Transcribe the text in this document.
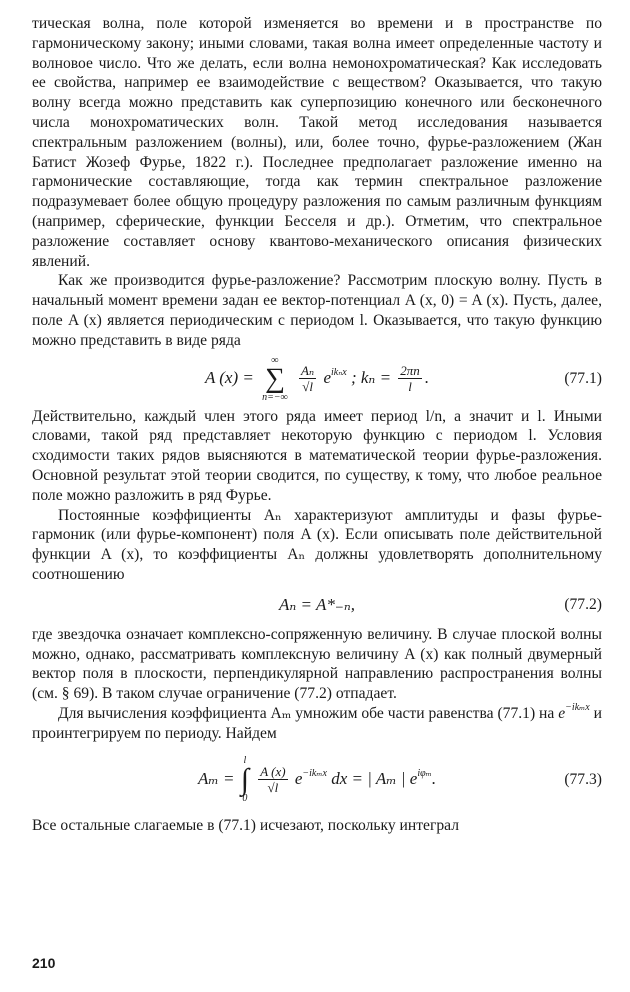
тическая волна, поле которой изменяется во времени и в пространстве по гармоническому закону; иными словами, такая волна имеет определенные частоту и волновое число. Что же делать, если волна немонохроматическая? Как исследовать ее свойства, например ее взаимодействие с веществом? Оказывается, что такую волну всегда можно представить как суперпозицию конечного или бесконечного числа монохроматических волн. Такой метод исследования называется спектральным разложением (волны), или, более точно, фурье-разложением (Жан Батист Жозеф Фурье, 1822 г.). Последнее предполагает разложение именно на гармонические составляющие, тогда как термин спектральное разложение подразумевает более общую процедуру разложения по самым различным функциям (например, сферические, функции Бесселя и др.). Отметим, что спектральное разложение составляет основу квантово-механического описания физических явлений.

Как же производится фурье-разложение? Рассмотрим плоскую волну. Пусть в начальный момент времени задан ее вектор-потенциал A (x, 0) = A (x). Пусть, далее, поле A (x) является периодическим с периодом l. Оказывается, что такую функцию можно представить в виде ряда

A (x) =
∞
∑
n=−∞

$\frac{\text{Aₙ}}{√l} e^{ik_nx}$ ; $k_n = \frac{2\pi n}{l}$ .	(77.1)

Действительно, каждый член этого ряда имеет период l/n, а значит и l. Иными словами, такой ряд представляет некоторую функцию с периодом l. Условия сходимости таких рядов выясняются в математической теории фурье-разложения. Основной результат этой теории сводится, по существу, к тому, что любое реальное поле можно разложить в ряд Фурье.

Постоянные коэффициенты Aₙ характеризуют амплитуды и фазы фурье-гармоник (или фурье-компонент) поля A (x). Если описывать поле действительной функции A (x), то коэффициенты Aₙ должны удовлетворять дополнительному соотношению

Aₙ = A*₋ₙ,	(77.2)

где звездочка означает комплексно-сопряженную величину. В случае плоской волны можно, однако, рассматривать комплексную величину A (x) как полный двумерный вектор поля в плоскости, перпендикулярной направлению распространения волны (см. § 69). В таком случае ограничение (77.2) отпадает.

Для вычисления коэффициента Aₘ умножим обе части равенства (77.1) на $e^{-ik_mx}$ и проинтегрируем по периоду. Найдем

Aₘ =
l
∫
0

$\frac{A (x)}{√l} e^{-ik_mx}$ dx = | Aₘ | $e^{i\varphi_m}$.	(77.3)

Все остальные слагаемые в (77.1) исчезают, поскольку интеграл

210
